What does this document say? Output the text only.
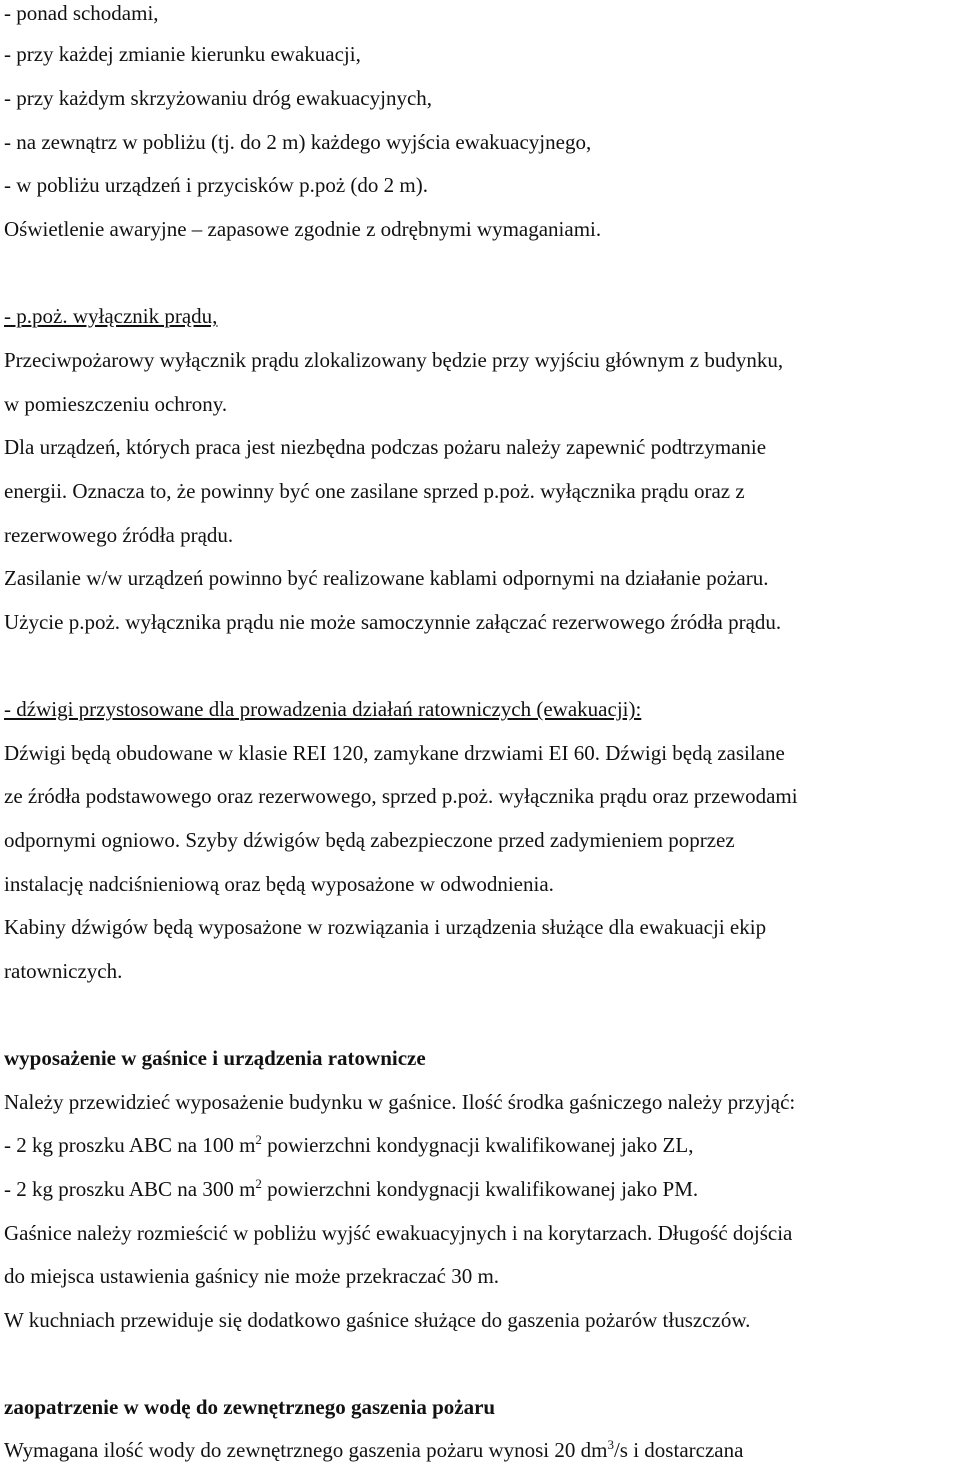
- ponad schodami,

- przy każdej zmianie kierunku ewakuacji,

- przy każdym skrzyżowaniu dróg ewakuacyjnych,

- na zewnątrz w pobliżu (tj. do 2 m) każdego wyjścia ewakuacyjnego,

- w pobliżu urządzeń i przycisków p.poż (do 2 m).

Oświetlenie awaryjne – zapasowe zgodnie z odrębnymi wymaganiami.

- p.poż. wyłącznik prądu,

Przeciwpożarowy wyłącznik prądu zlokalizowany będzie przy wyjściu głównym z budynku,

w pomieszczeniu ochrony.

Dla urządzeń, których praca jest niezbędna podczas pożaru należy zapewnić podtrzymanie

energii. Oznacza to, że powinny być one zasilane sprzed p.poż. wyłącznika prądu oraz z

rezerwowego źródła prądu.

Zasilanie w/w urządzeń powinno być realizowane kablami odpornymi na działanie pożaru.

Użycie p.poż. wyłącznika prądu nie może samoczynnie załączać rezerwowego źródła prądu.

- dźwigi przystosowane dla prowadzenia działań ratowniczych (ewakuacji):

Dźwigi będą obudowane w klasie REI 120, zamykane drzwiami EI 60. Dźwigi będą zasilane

ze źródła podstawowego oraz rezerwowego, sprzed p.poż. wyłącznika prądu oraz przewodami

odpornymi ogniowo. Szyby dźwigów będą zabezpieczone przed zadymieniem poprzez

instalację nadciśnieniową oraz będą wyposażone w odwodnienia.

Kabiny dźwigów będą wyposażone w rozwiązania i urządzenia służące dla ewakuacji ekip

ratowniczych.

wyposażenie w gaśnice i urządzenia ratownicze

Należy przewidzieć wyposażenie budynku w gaśnice. Ilość środka gaśniczego należy przyjąć:

- 2 kg proszku ABC na 100 $m^2$ powierzchni kondygnacji kwalifikowanej jako ZL,

- 2 kg proszku ABC na 300 $m^2$ powierzchni kondygnacji kwalifikowanej jako PM.

Gaśnice należy rozmieścić w pobliżu wyjść ewakuacyjnych i na korytarzach. Długość dojścia

do miejsca ustawienia gaśnicy nie może przekraczać 30 m.

W kuchniach przewiduje się dodatkowo gaśnice służące do gaszenia pożarów tłuszczów.

zaopatrzenie w wodę do zewnętrznego gaszenia pożaru

Wymagana ilość wody do zewnętrznego gaszenia pożaru wynosi 20 $dm^3/s$ i dostarczana
